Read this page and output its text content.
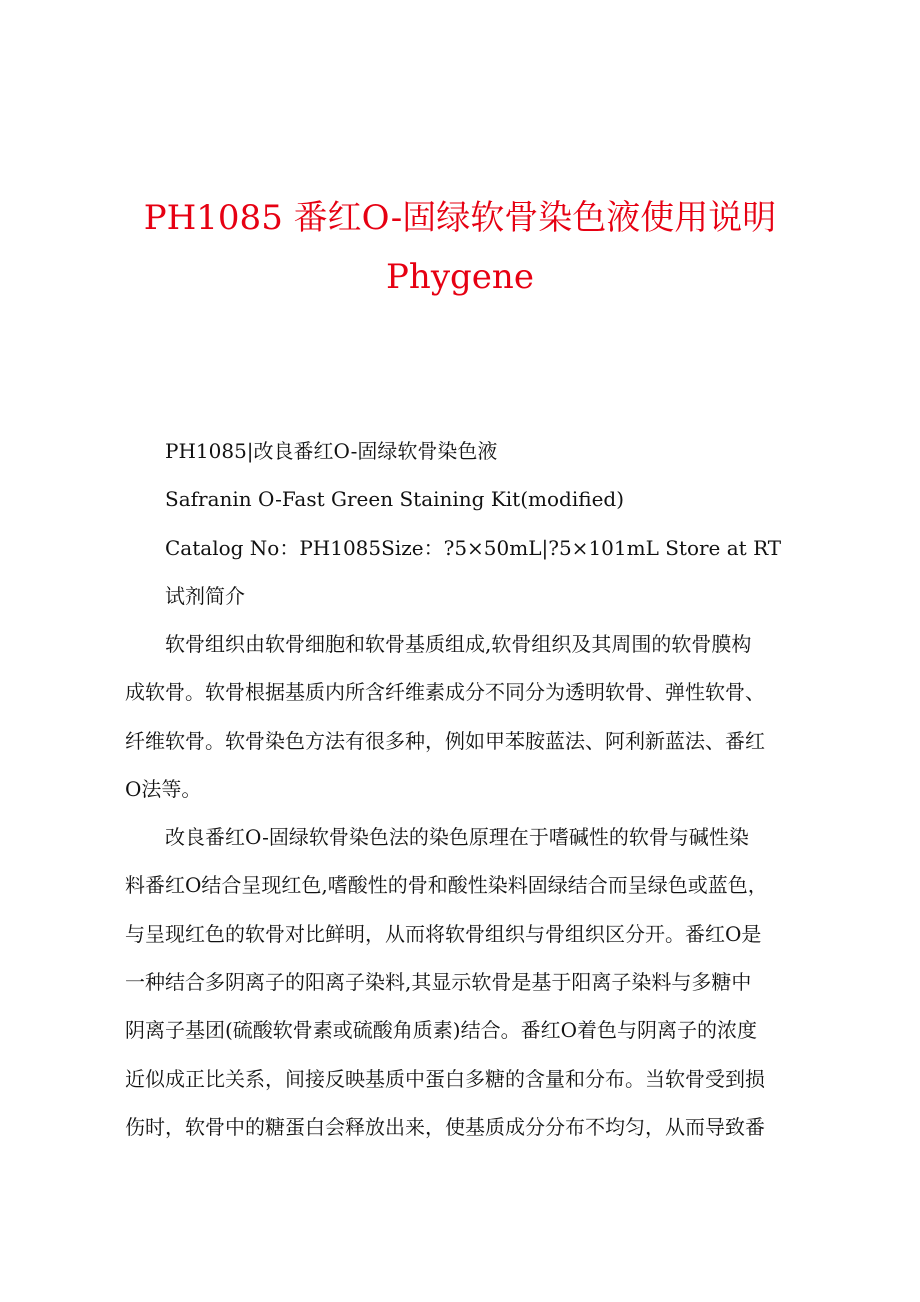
PH1085 番红O-固绿软骨染色液使用说明
Phygene
PH1085|改良番红O-固绿软骨染色液
Safranin O-Fast Green Staining Kit(modified)
Catalog No：PH1085Size：?5×50mL|?5×101mL Store at RT
试剂简介
软骨组织由软骨细胞和软骨基质组成,软骨组织及其周围的软骨膜构
成软骨。软骨根据基质内所含纤维素成分不同分为透明软骨、弹性软骨、
纤维软骨。软骨染色方法有很多种，例如甲苯胺蓝法、阿利新蓝法、番红
O法等。
改良番红O-固绿软骨染色法的染色原理在于嗜碱性的软骨与碱性染
料番红O结合呈现红色,嗜酸性的骨和酸性染料固绿结合而呈绿色或蓝色，
与呈现红色的软骨对比鲜明，从而将软骨组织与骨组织区分开。番红O是
一种结合多阴离子的阳离子染料,其显示软骨是基于阳离子染料与多糖中
阴离子基团(硫酸软骨素或硫酸角质素)结合。番红O着色与阴离子的浓度
近似成正比关系，间接反映基质中蛋白多糖的含量和分布。当软骨受到损
伤时，软骨中的糖蛋白会释放出来，使基质成分分布不均匀，从而导致番
